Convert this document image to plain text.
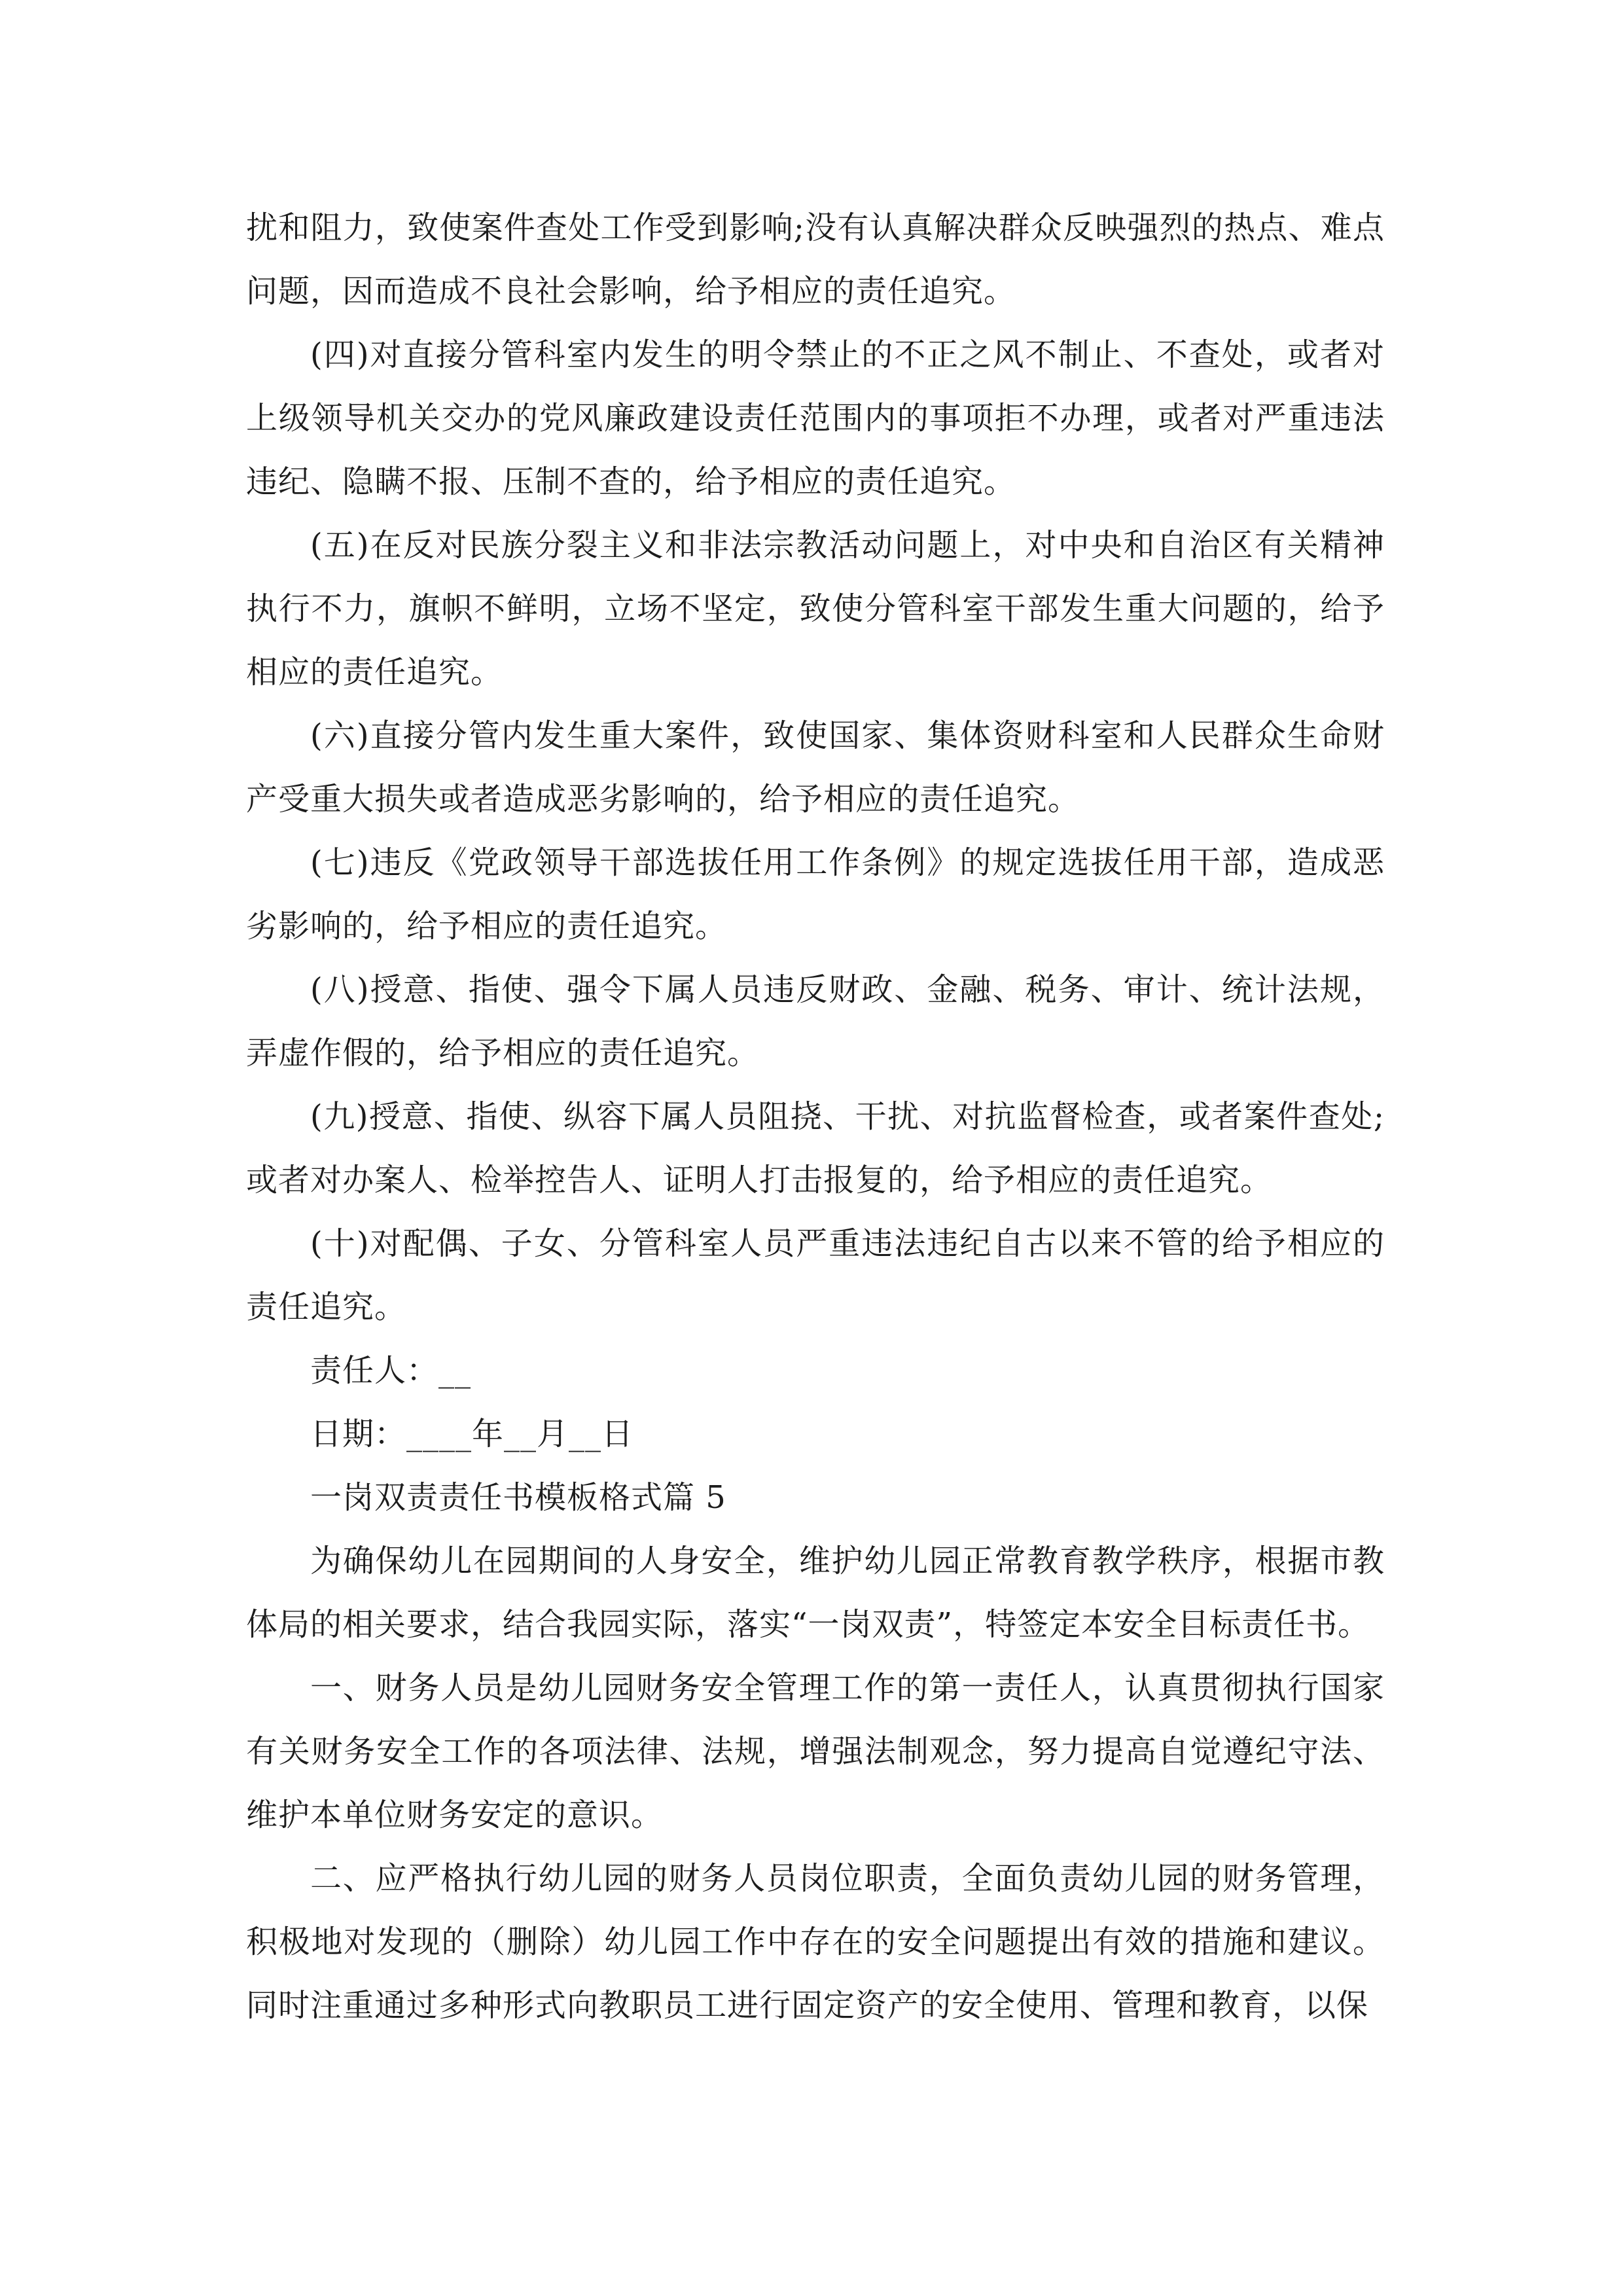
扰和阻力，致使案件查处工作受到影响;没有认真解决群众反映强烈的热点、难点问题，因而造成不良社会影响，给予相应的责任追究。

(四)对直接分管科室内发生的明令禁止的不正之风不制止、不查处，或者对上级领导机关交办的党风廉政建设责任范围内的事项拒不办理，或者对严重违法违纪、隐瞒不报、压制不查的，给予相应的责任追究。

(五)在反对民族分裂主义和非法宗教活动问题上，对中央和自治区有关精神执行不力，旗帜不鲜明，立场不坚定，致使分管科室干部发生重大问题的，给予相应的责任追究。

(六)直接分管内发生重大案件，致使国家、集体资财科室和人民群众生命财产受重大损失或者造成恶劣影响的，给予相应的责任追究。

(七)违反《党政领导干部选拔任用工作条例》的规定选拔任用干部，造成恶劣影响的，给予相应的责任追究。

(八)授意、指使、强令下属人员违反财政、金融、税务、审计、统计法规，弄虚作假的，给予相应的责任追究。

(九)授意、指使、纵容下属人员阻挠、干扰、对抗监督检查，或者案件查处;或者对办案人、检举控告人、证明人打击报复的，给予相应的责任追究。

(十)对配偶、子女、分管科室人员严重违法违纪自古以来不管的给予相应的责任追究。

责任人：__

日期：____年__月__日

一岗双责责任书模板格式篇 5

为确保幼儿在园期间的人身安全，维护幼儿园正常教育教学秩序，根据市教体局的相关要求，结合我园实际，落实“一岗双责”，特签定本安全目标责任书。

一、财务人员是幼儿园财务安全管理工作的第一责任人，认真贯彻执行国家有关财务安全工作的各项法律、法规，增强法制观念，努力提高自觉遵纪守法、维护本单位财务安定的意识。

二、应严格执行幼儿园的财务人员岗位职责，全面负责幼儿园的财务管理，积极地对发现的（删除）幼儿园工作中存在的安全问题提出有效的措施和建议。同时注重通过多种形式向教职员工进行固定资产的安全使用、管理和教育，以保
